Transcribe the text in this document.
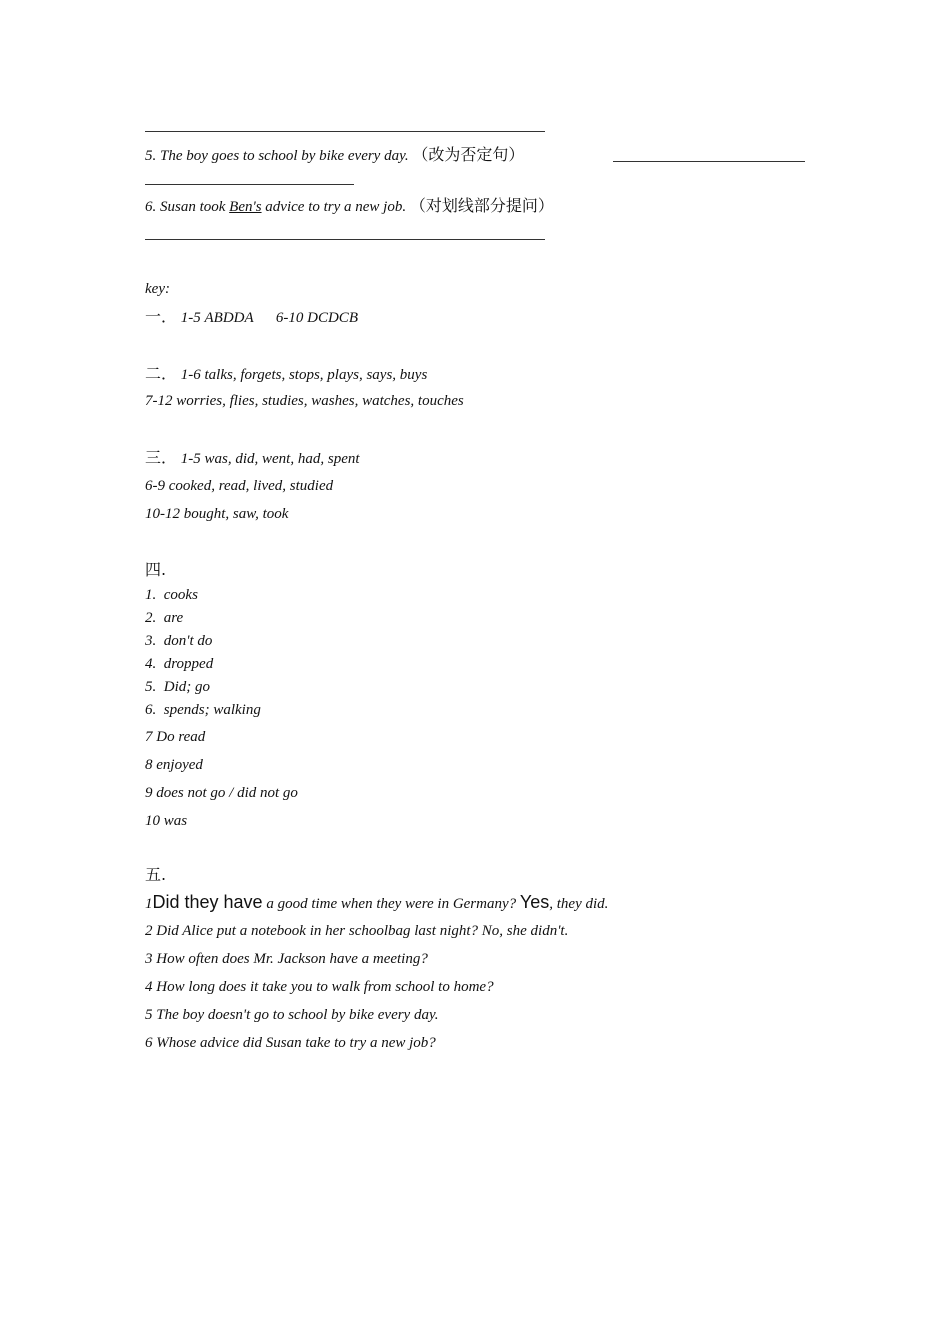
5. The boy goes to school by bike every day. （改为否定句）
6. Susan took Ben's advice to try a new job. （对划线部分提问）
key:
一． 1-5 ABDDA      6-10 DCDCB
二． 1-6 talks, forgets, stops, plays, says, buys
7-12 worries, flies, studies, washes, watches, touches
三． 1-5 was, did, went, had, spent
6-9 cooked, read, lived, studied
10-12 bought, saw, took
四.
1.  cooks
2.  are
3.  don't do
4.  dropped
5.  Did; go
6.  spends; walking
7 Do read
8 enjoyed
9 does not go / did not go
10 was
五.
1Did they have a good time when they were in Germany? Yes, they did.
2 Did Alice put a notebook in her schoolbag last night? No, she didn't.
3 How often does Mr. Jackson have a meeting?
4 How long does it take you to walk from school to home?
5 The boy doesn't go to school by bike every day.
6 Whose advice did Susan take to try a new job?
